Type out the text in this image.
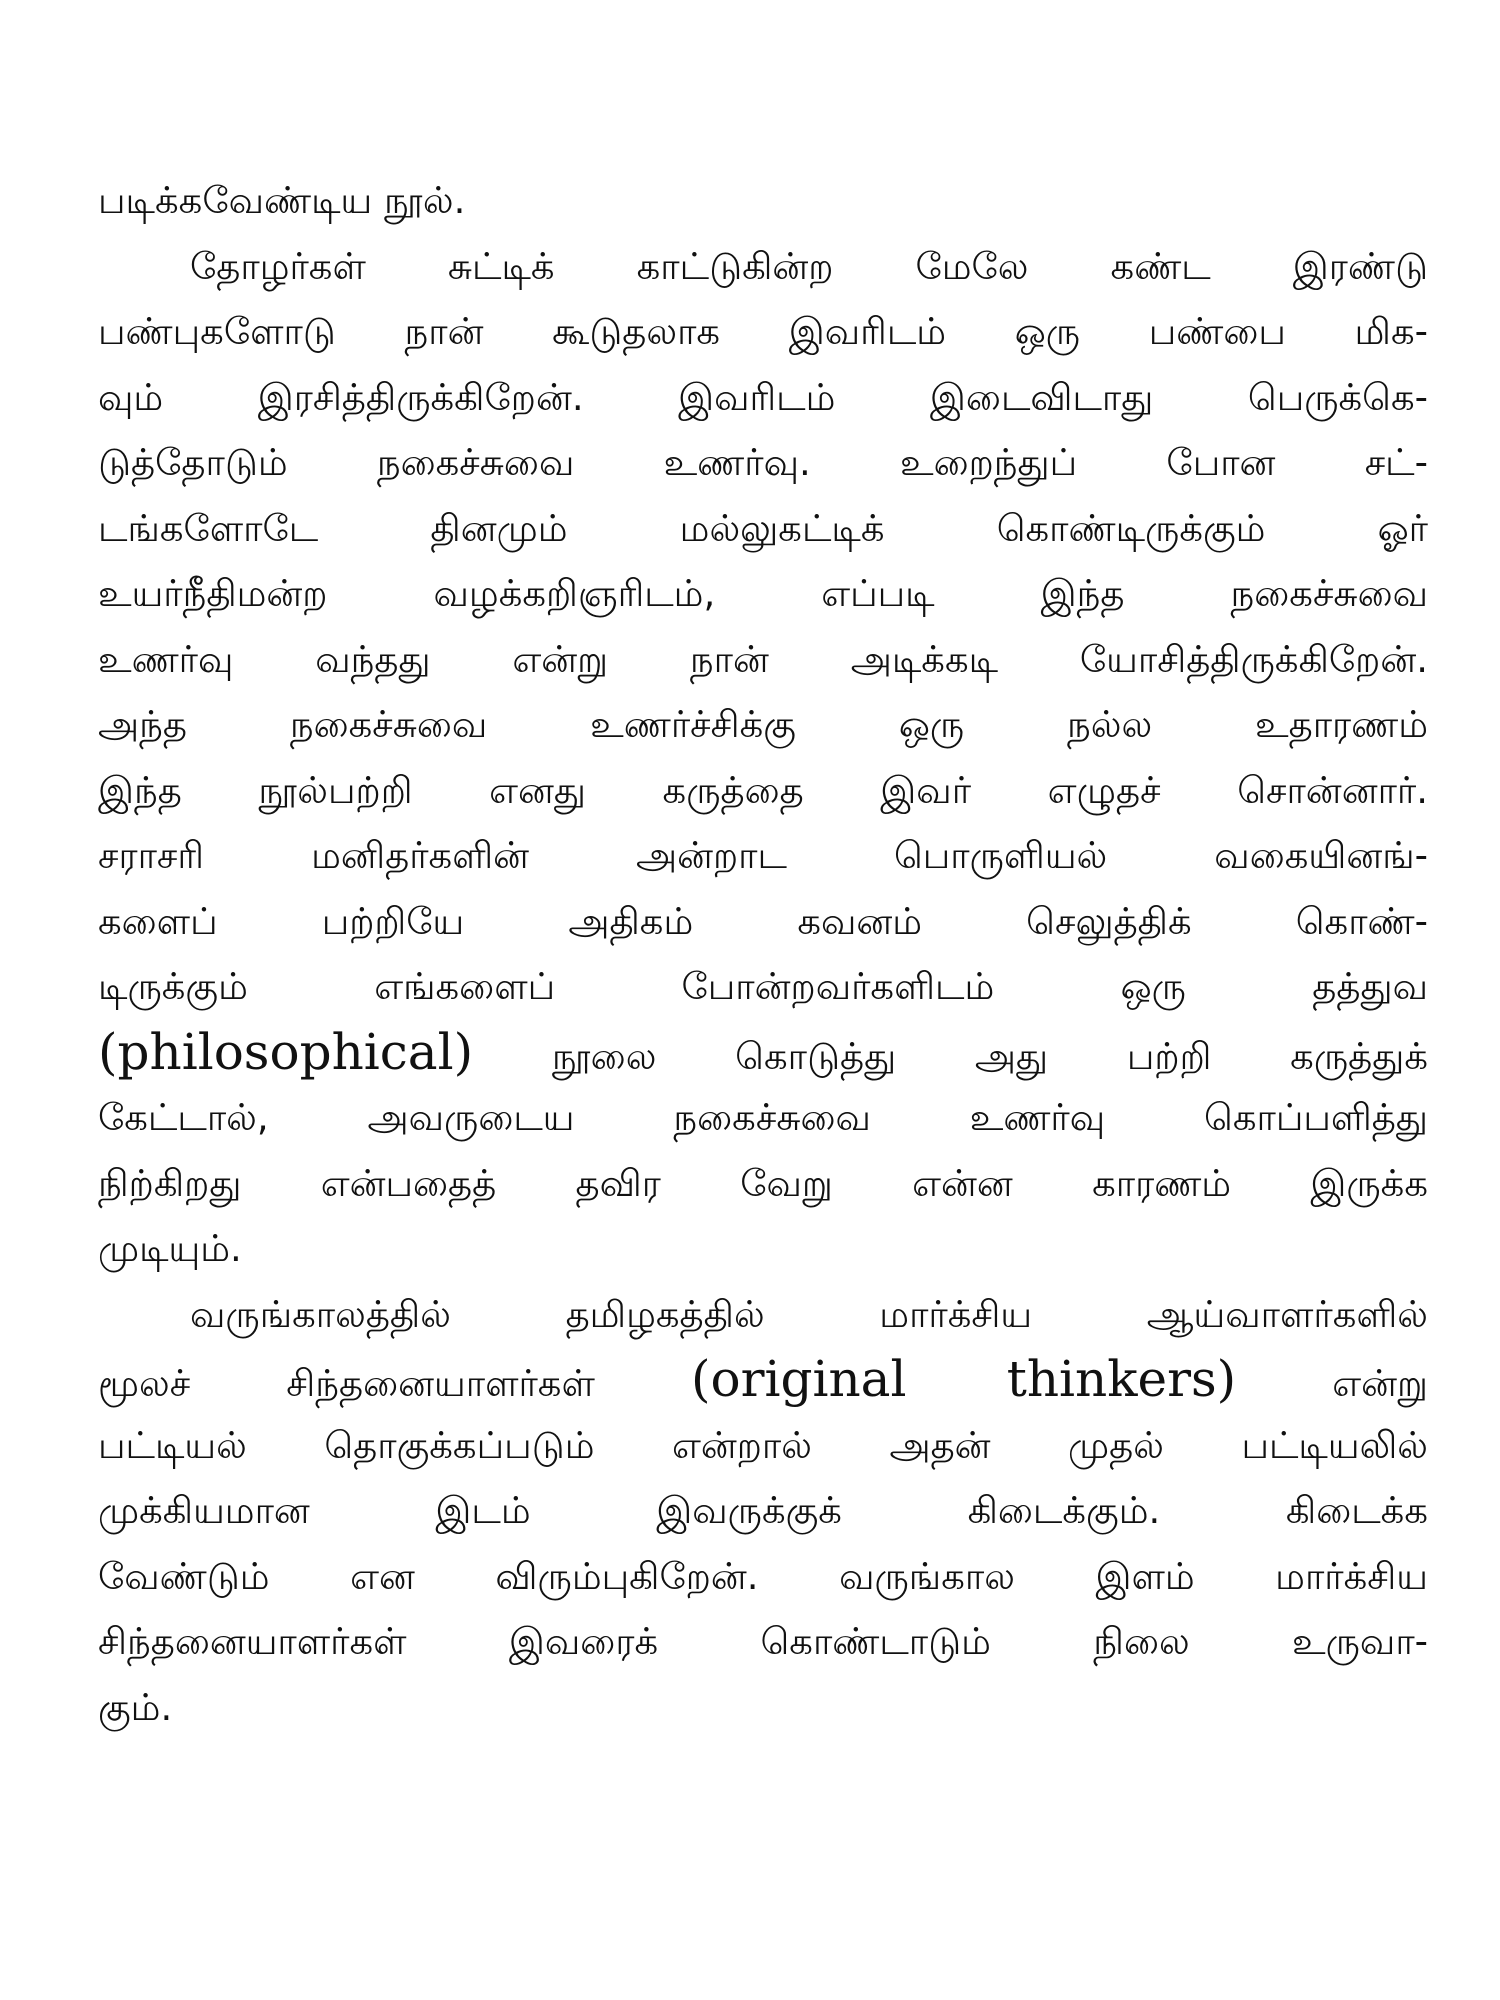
படிக்கவேண்டிய நூல்.
தோழர்கள் சுட்டிக் காட்டுகின்ற மேலே கண்ட இரண்டு
பண்புகளோடு நான் கூடுதலாக இவரிடம் ஒரு பண்பை மிக-
வும் இரசித்திருக்கிறேன். இவரிடம் இடைவிடாது பெருக்கெ-
டுத்தோடும் நகைச்சுவை உணர்வு. உறைந்துப் போன சட்-
டங்களோடே தினமும் மல்லுகட்டிக் கொண்டிருக்கும் ஓர்
உயர்நீதிமன்ற வழக்கறிஞரிடம், எப்படி இந்த நகைச்சுவை
உணர்வு வந்தது என்று நான் அடிக்கடி யோசித்திருக்கிறேன்.
அந்த நகைச்சுவை உணர்ச்சிக்கு ஒரு நல்ல உதாரணம்
இந்த நூல்பற்றி எனது கருத்தை இவர் எழுதச் சொன்னார்.
சராசரி மனிதர்களின் அன்றாட பொருளியல் வகையினங்-
களைப் பற்றியே அதிகம் கவனம் செலுத்திக் கொண்-
டிருக்கும் எங்களைப் போன்றவர்களிடம் ஒரு தத்துவ
(philosophical) நூலை கொடுத்து அது பற்றி கருத்துக்
கேட்டால், அவருடைய நகைச்சுவை உணர்வு கொப்பளித்து
நிற்கிறது என்பதைத் தவிர வேறு என்ன காரணம் இருக்க
முடியும்.
வருங்காலத்தில் தமிழகத்தில் மார்க்சிய ஆய்வாளர்களில்
மூலச் சிந்தனையாளர்கள் (original thinkers) என்று
பட்டியல் தொகுக்கப்படும் என்றால் அதன் முதல் பட்டியலில்
முக்கியமான இடம் இவருக்குக் கிடைக்கும். கிடைக்க
வேண்டும் என விரும்புகிறேன். வருங்கால இளம் மார்க்சிய
சிந்தனையாளர்கள் இவரைக் கொண்டாடும் நிலை உருவா-
கும்.
